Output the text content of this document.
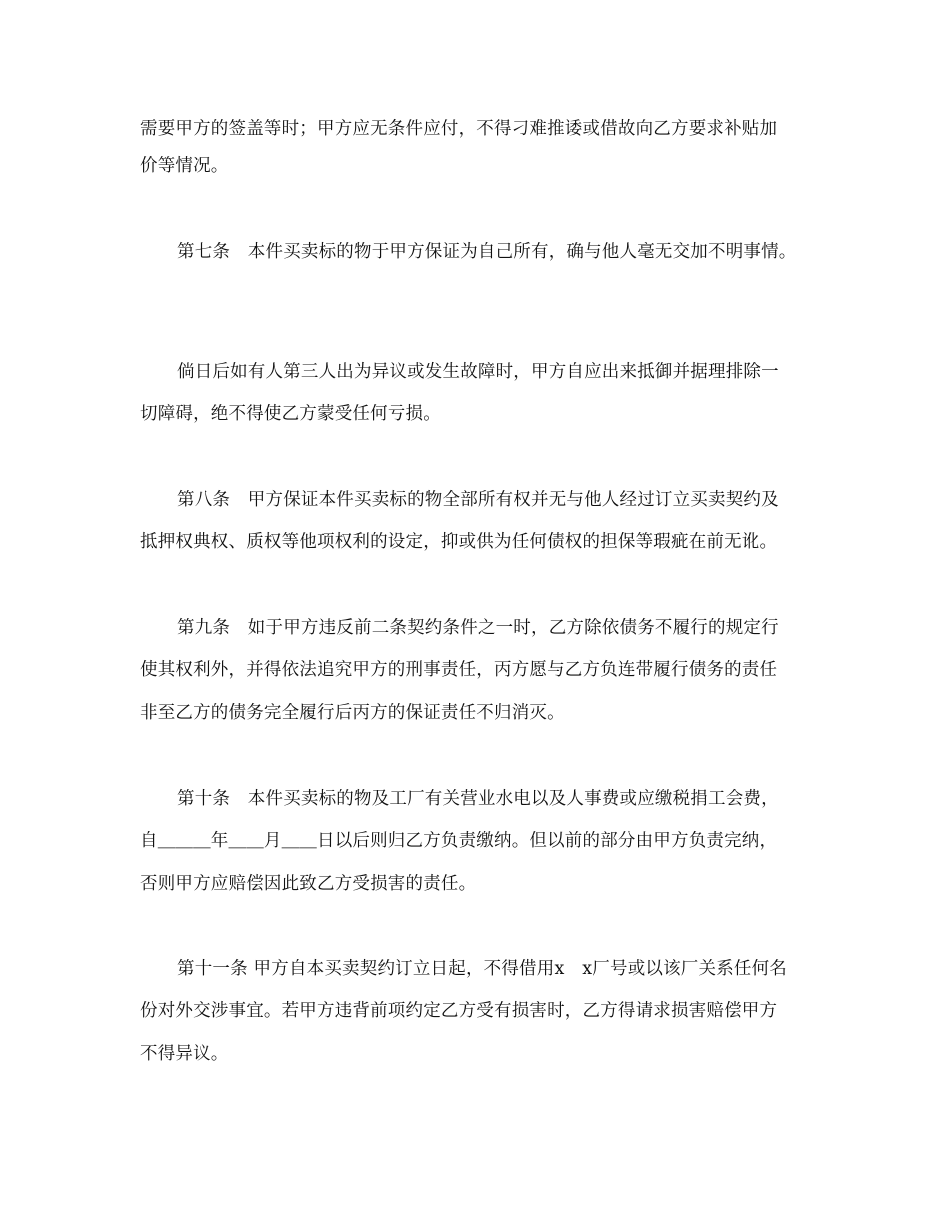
需要甲方的签盖等时；甲方应无条件应付，不得刁难推诿或借故向乙方要求补贴加
价等情况。
第七条　本件买卖标的物于甲方保证为自己所有，确与他人毫无交加不明事情。
倘日后如有人第三人出为异议或发生故障时，甲方自应出来抵御并据理排除一
切障碍，绝不得使乙方蒙受任何亏损。
第八条　甲方保证本件买卖标的物全部所有权并无与他人经过订立买卖契约及
抵押权典权、质权等他项权利的设定，抑或供为任何债权的担保等瑕疵在前无讹。
第九条　如于甲方违反前二条契约条件之一时，乙方除依债务不履行的规定行
使其权利外，并得依法追究甲方的刑事责任，丙方愿与乙方负连带履行债务的责任
非至乙方的债务完全履行后丙方的保证责任不归消灭。
第十条　本件买卖标的物及工厂有关营业水电以及人事费或应缴税捐工会费，
自＿＿＿年＿＿月＿＿日以后则归乙方负责缴纳。但以前的部分由甲方负责完纳，
否则甲方应赔偿因此致乙方受损害的责任。
第十一条 甲方自本买卖契约订立日起，不得借用x　x厂号或以该厂关系任何名
份对外交涉事宜。若甲方违背前项约定乙方受有损害时，乙方得请求损害赔偿甲方
不得异议。
